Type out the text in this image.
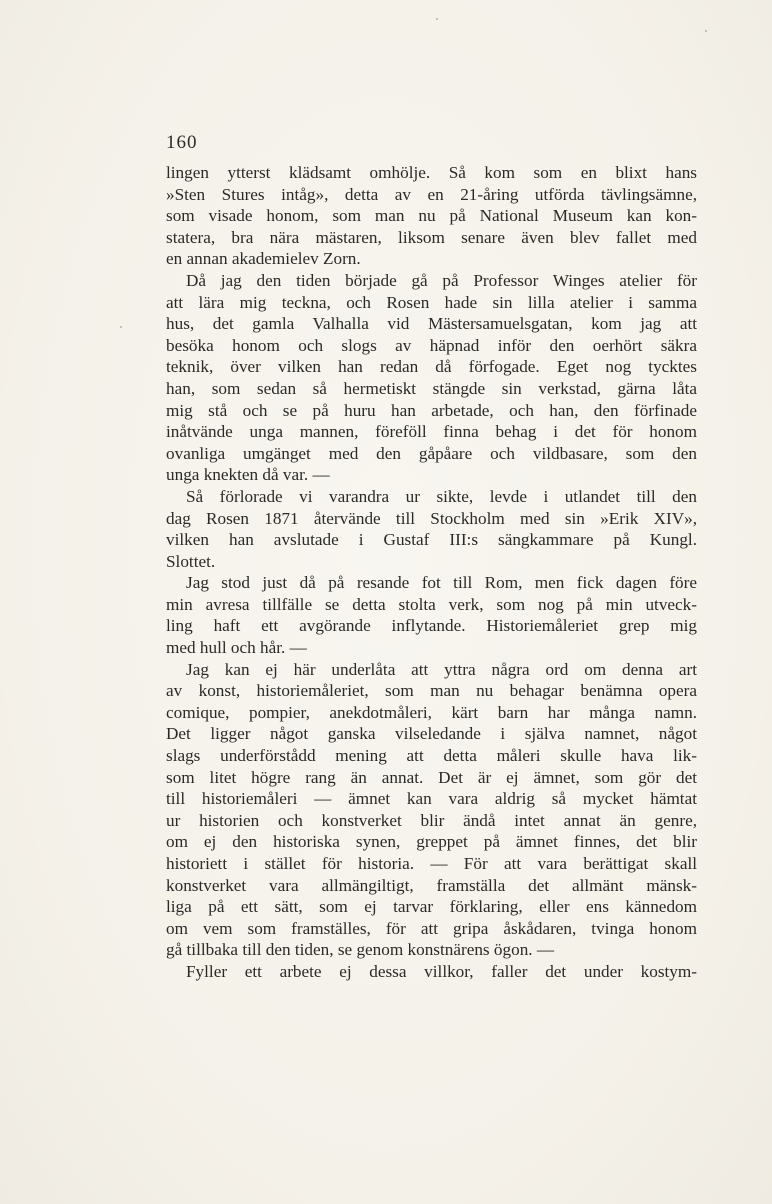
160
lingen ytterst klädsamt omhölje. Så kom som en blixt hans
»Sten Stures intåg», detta av en 21-åring utförda tävlingsämne,
som visade honom, som man nu på National Museum kan kon-
statera, bra nära mästaren, liksom senare även blev fallet med
en annan akademielev Zorn.
Då jag den tiden började gå på Professor Winges atelier för
att lära mig teckna, och Rosen hade sin lilla atelier i samma
hus, det gamla Valhalla vid Mästersamuelsgatan, kom jag att
besöka honom och slogs av häpnad inför den oerhört säkra
teknik, över vilken han redan då förfogade. Eget nog tycktes
han, som sedan så hermetiskt stängde sin verkstad, gärna låta
mig stå och se på huru han arbetade, och han, den förfinade
inåtvände unga mannen, föreföll finna behag i det för honom
ovanliga umgänget med den gåpåare och vildbasare, som den
unga knekten då var. —
Så förlorade vi varandra ur sikte, levde i utlandet till den
dag Rosen 1871 återvände till Stockholm med sin »Erik XIV»,
vilken han avslutade i Gustaf III:s sängkammare på Kungl.
Slottet.
Jag stod just då på resande fot till Rom, men fick dagen före
min avresa tillfälle se detta stolta verk, som nog på min utveck-
ling haft ett avgörande inflytande. Historiemåleriet grep mig
med hull och hår. —
Jag kan ej här underlåta att yttra några ord om denna art
av konst, historiemåleriet, som man nu behagar benämna opera
comique, pompier, anekdotmåleri, kärt barn har många namn.
Det ligger något ganska vilseledande i själva namnet, något
slags underförstådd mening att detta måleri skulle hava lik-
som litet högre rang än annat. Det är ej ämnet, som gör det
till historiemåleri — ämnet kan vara aldrig så mycket hämtat
ur historien och konstverket blir ändå intet annat än genre,
om ej den historiska synen, greppet på ämnet finnes, det blir
historiett i stället för historia. — För att vara berättigat skall
konstverket vara allmängiltigt, framställa det allmänt mänsk-
liga på ett sätt, som ej tarvar förklaring, eller ens kännedom
om vem som framställes, för att gripa åskådaren, tvinga honom
gå tillbaka till den tiden, se genom konstnärens ögon. —
Fyller ett arbete ej dessa villkor, faller det under kostym-
